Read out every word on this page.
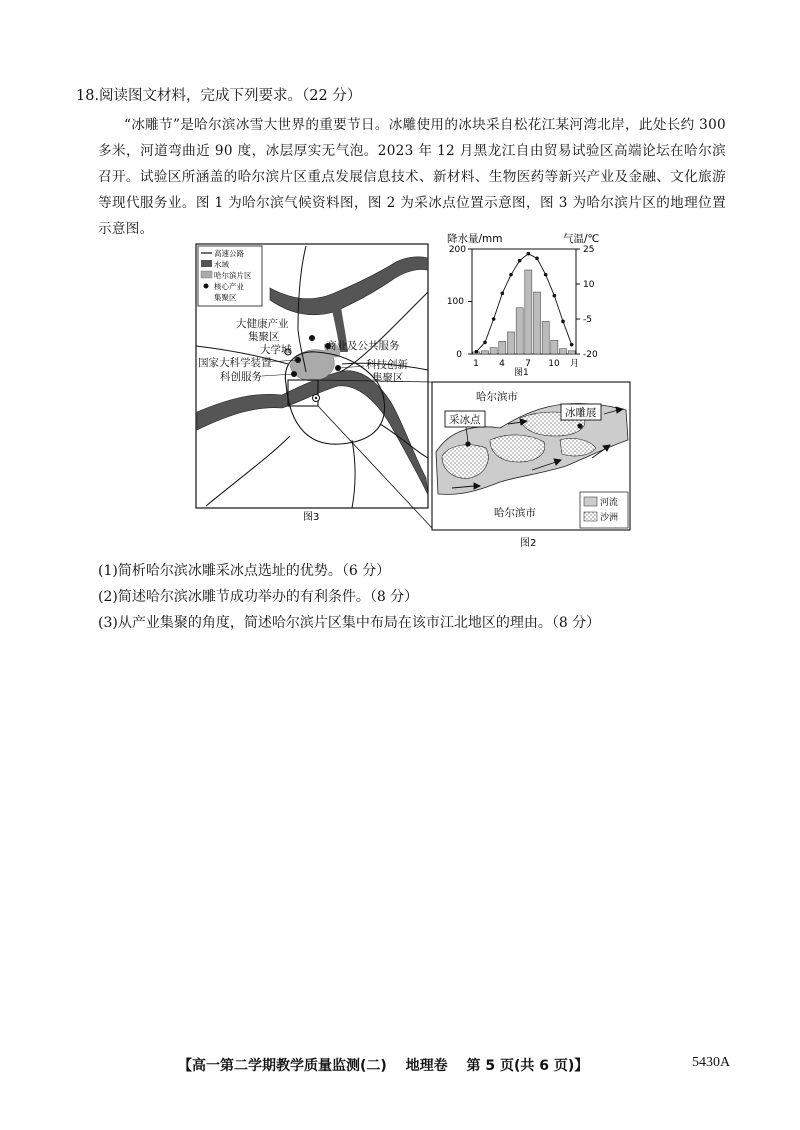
18.阅读图文材料，完成下列要求。（22 分）

“冰雕节”是哈尔滨冰雪大世界的重要节日。冰雕使用的冰块采自松花江某河湾北岸，此处长约 300 多米，河道弯曲近 90 度，冰层厚实无气泡。2023 年 12 月黑龙江自由贸易试验区高端论坛在哈尔滨召开。试验区所涵盖的哈尔滨片区重点发展信息技术、新材料、生物医药等新兴产业及金融、文化旅游等现代服务业。图 1 为哈尔滨气候资料图，图 2 为采冰点位置示意图，图 3 为哈尔滨片区的地理位置示意图。

高速公路
水域
哈尔滨片区
核心产业
集聚区
大健康产业
集聚区
大学城	商业及公共服务
国家大科学装置	科技创新
集聚区
科创服务
图3
降水量/mm	气温/℃
0
100
200
-20
-5
10
25
1 4 7 10 月
图1
哈尔滨市
哈尔滨市
采冰点
冰雕展
河流
沙洲
图2
(1)简析哈尔滨冰雕采冰点选址的优势。（6 分）
(2)简述哈尔滨冰雕节成功举办的有利条件。（8 分）
(3)从产业集聚的角度，简述哈尔滨片区集中布局在该市江北地区的理由。（8 分）
【高一第二学期教学质量监测(二) 地理卷 第 5 页(共 6 页)】	5430A
